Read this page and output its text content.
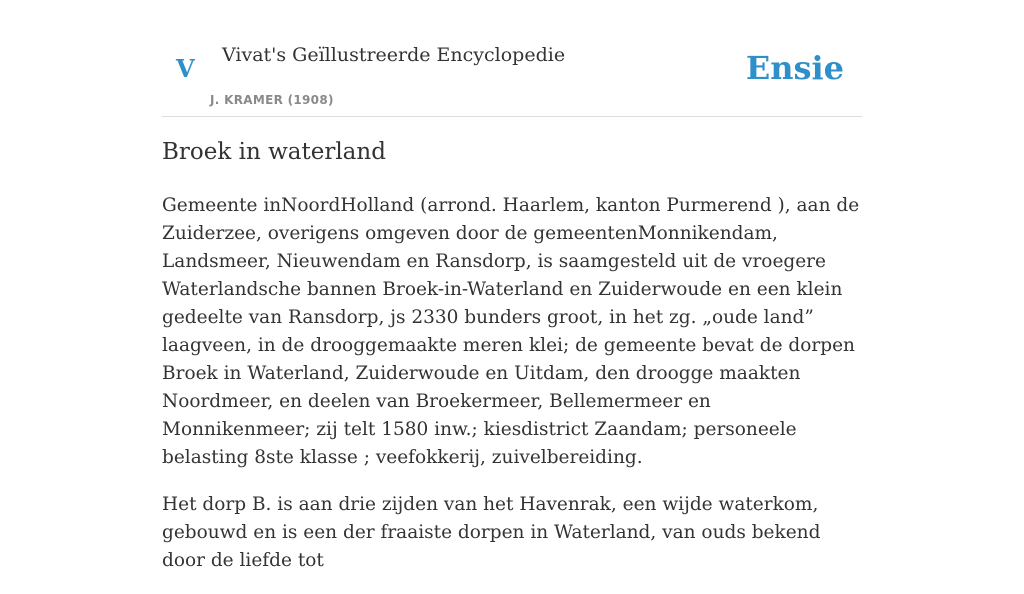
V Vivat's Geïllustreerde Encyclopedie
J. KRAMER (1908)
Ensie
Broek in waterland

Gemeente inNoordHolland (arrond. Haarlem, kanton Purmerend ), aan de Zuiderzee, overigens omgeven door de gemeentenMonnikendam, Landsmeer, Nieuwendam en Ransdorp, is saamgesteld uit de vroegere Waterlandsche bannen Broek-in-Waterland en Zuiderwoude en een klein gedeelte van Ransdorp, js 2330 bunders groot, in het zg. „oude land” laagveen, in de drooggemaakte meren klei; de gemeente bevat de dorpen Broek in Waterland, Zuiderwoude en Uitdam, den droogge maakten Noordmeer, en deelen van Broekermeer, Bellemermeer en Monnikenmeer; zij telt 1580 inw.; kiesdistrict Zaandam; personeele belasting 8ste klasse ; veefokkerij, zuivelbereiding.

Het dorp B. is aan drie zijden van het Havenrak, een wijde waterkom, gebouwd en is een der fraaiste dorpen in Waterland, van ouds bekend door de liefde tot
